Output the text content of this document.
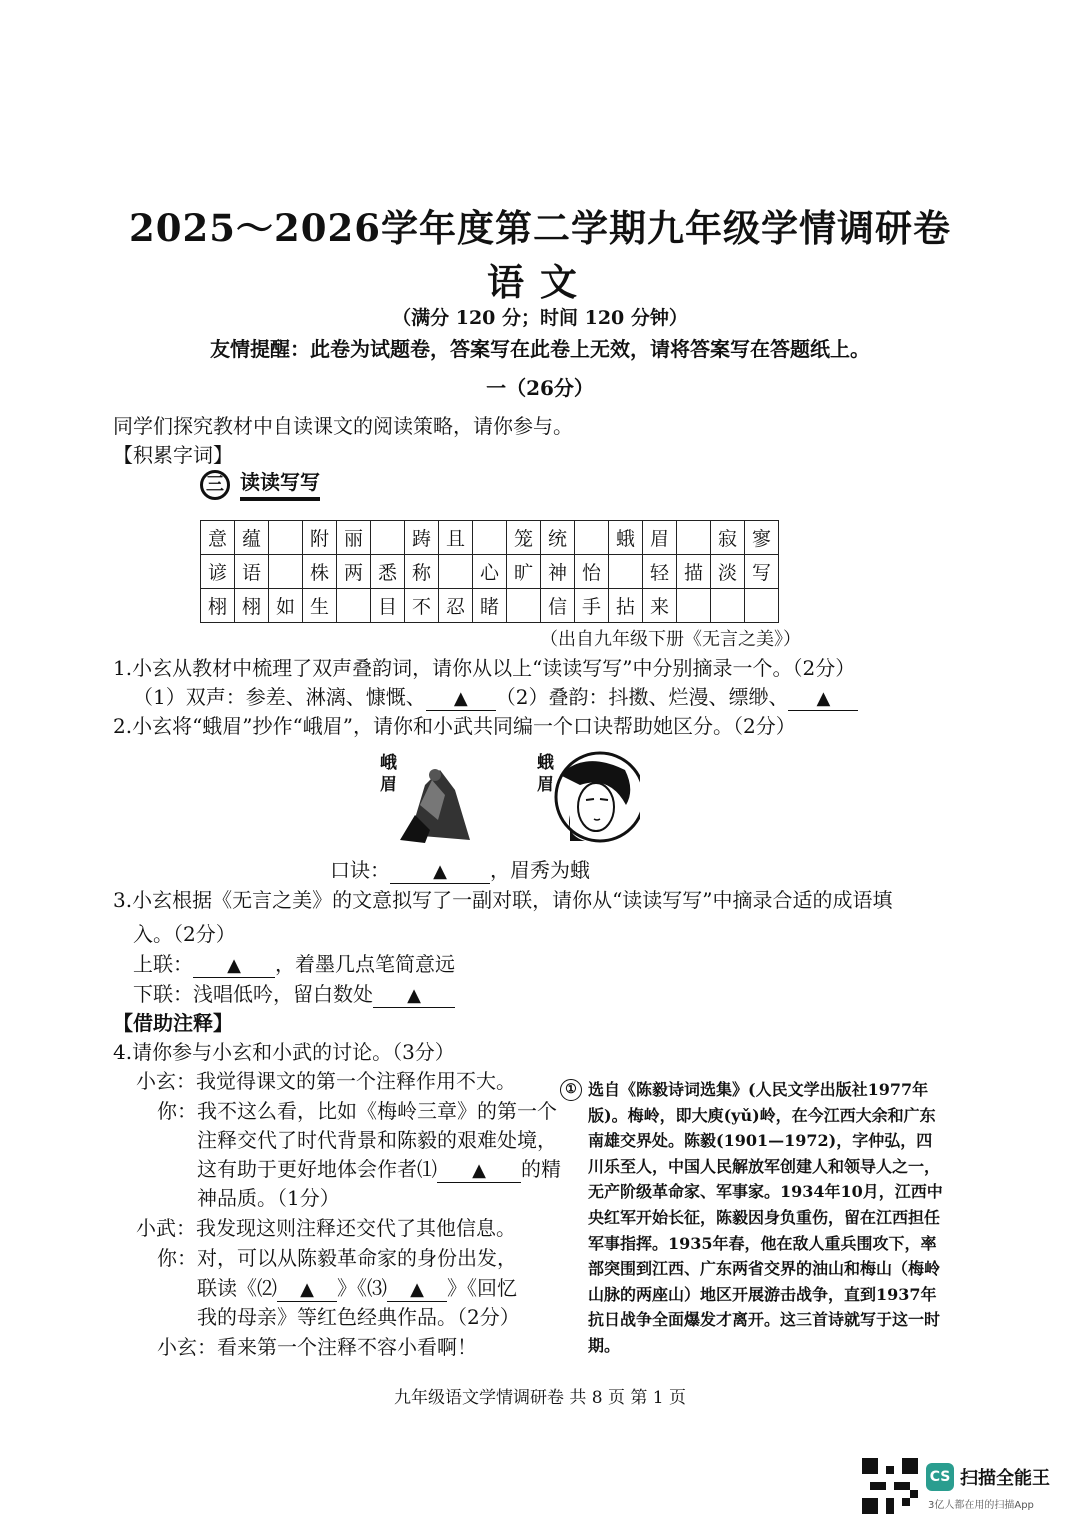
2025～2026学年度第二学期九年级学情调研卷
语文
（满分 120 分；时间 120 分钟）
友情提醒：此卷为试题卷，答案写在此卷上无效，请将答案写在答题纸上。
一（26分）
同学们探究教材中自读课文的阅读策略，请你参与。
【积累字词】
三 读读写写
意	蕴		附	丽		踌	且		笼	统		蛾	眉		寂	寥
谚	语		株	两	悉	称		心	旷	神	怡		轻	描	淡	写
栩	栩	如	生		目	不	忍	睹		信	手	拈	来			
（出自九年级下册《无言之美》）
1.小玄从教材中梳理了双声叠韵词，请你从以上“读读写写”中分别摘录一个。（2分）
（1）双声：参差、淋漓、慷慨、 ▲ （2）叠韵：抖擞、烂漫、缥缈、 ▲
2.小玄将“蛾眉”抄作“峨眉”，请你和小武共同编一个口诀帮助她区分。（2分）
峨眉
蛾眉
口诀： ▲ ，眉秀为蛾
3.小玄根据《无言之美》的文意拟写了一副对联，请你从“读读写写”中摘录合适的成语填
入。（2分）
上联： ▲ ，着墨几点笔简意远
下联：浅唱低吟，留白数处 ▲
【借助注释】
4.请你参与小玄和小武的讨论。（3分）
小玄：我觉得课文的第一个注释作用不大。
你：我不这么看，比如《梅岭三章》的第一个
注释交代了时代背景和陈毅的艰难处境，
这有助于更好地体会作者⑴ ▲ 的精
神品质。（1分）
小武：我发现这则注释还交代了其他信息。
你：对，可以从陈毅革命家的身份出发，
联读《⑵ ▲ 》《⑶ ▲ 》《回忆
我的母亲》等红色经典作品。（2分）
小玄：看来第一个注释不容小看啊！
① 选自《陈毅诗词选集》(人民文学出版社1977年版)。梅岭，即大庾(yǔ)岭，在今江西大余和广东南雄交界处。陈毅(1901—1972)，字仲弘，四川乐至人，中国人民解放军创建人和领导人之一，无产阶级革命家、军事家。1934年10月，江西中央红军开始长征，陈毅因身负重伤，留在江西担任军事指挥。1935年春，他在敌人重兵围攻下，率部突围到江西、广东两省交界的油山和梅山（梅岭山脉的两座山）地区开展游击战争，直到1937年抗日战争全面爆发才离开。这三首诗就写于这一时期。
九年级语文学情调研卷 共 8 页 第 1 页
CS 扫描全能王
3亿人都在用的扫描App
